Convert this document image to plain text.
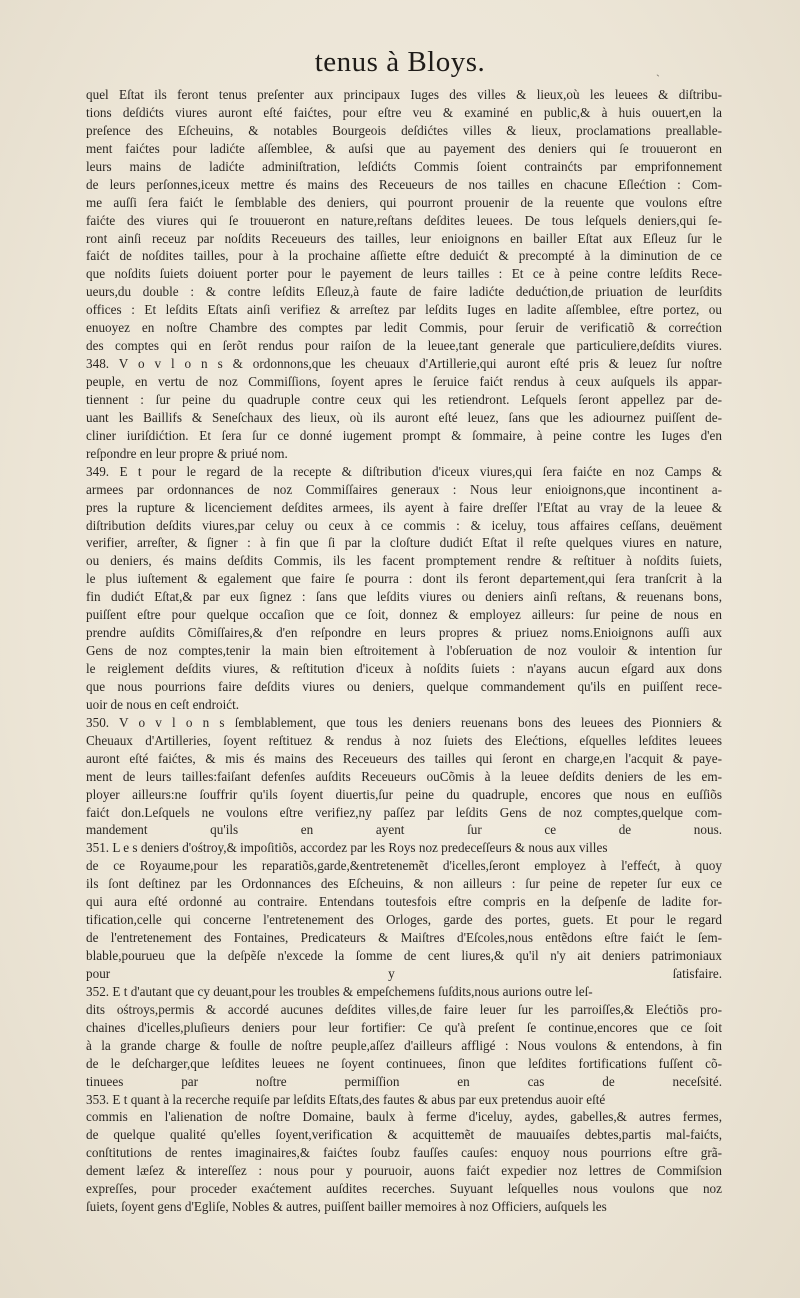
tenus à Bloys.
ˋ
quel Eſtat ils feront tenus preſenter aux principaux Iuges des villes & lieux,où les leuees & diſtribu-
tions deſdićts viures auront eſté faićtes, pour eſtre veu & examiné en public,& à huis ouuert,en la
preſence des Eſcheuins, & notables Bourgeois deſdićtes villes & lieux, proclamations preallable-
ment faićtes pour ladićte aſſemblee, & auſsi que au payement des deniers qui ſe trouueront en
leurs mains de ladićte adminiſtration, leſdićts Commis ſoient contrainćts par emprifonnement
de leurs perſonnes,iceux mettre és mains des Receueurs de nos tailles en chacune Eſlećtion : Com-
me auſſi ſera faićt le ſemblable des deniers, qui pourront prouenir de la reuente que voulons eſtre
faićte des viures qui ſe trouueront en nature,reſtans deſdites leuees. De tous leſquels deniers,qui ſe-
ront ainſi receuz par noſdits Receueurs des tailles, leur enioignons en bailler Eſtat aux Eſleuz ſur le
faićt de noſdites tailles, pour à la prochaine aſſiette eſtre deduićt & precompté à la diminution de ce
que noſdits ſuiets doiuent porter pour le payement de leurs tailles : Et ce à peine contre leſdits Rece-
ueurs,du double : & contre leſdits Eſleuz,à faute de faire ladićte dedućtion,de priuation de leurſdits
offices : Et leſdits Eſtats ainſi verifiez & arreſtez par leſdits Iuges en ladite aſſemblee, eſtre portez, ou
enuoyez en noſtre Chambre des comptes par ledit Commis, pour ſeruir de verificatiõ & correćtion
des comptes qui en ſerõt rendus pour raiſon de la leuee,tant generale que particuliere,deſdits viures.
348. V o v l o n s & ordonnons,que les cheuaux d'Artillerie,qui auront eſté pris & leuez ſur noſtre
peuple, en vertu de noz Commiſſions, ſoyent apres le ſeruice faićt rendus à ceux auſquels ils appar-
tiennent : ſur peine du quadruple contre ceux qui les retiendront. Leſquels ſeront appellez par de-
uant les Baillifs & Seneſchaux des lieux, où ils auront eſté leuez, ſans que les adiournez puiſſent de-
cliner iuriſdićtion. Et ſera ſur ce donné iugement prompt & ſommaire, à peine contre les Iuges d'en
reſpondre en leur propre & priué nom.
349. E t pour le regard de la recepte & diſtribution d'iceux viures,qui ſera faićte en noz Camps &
armees par ordonnances de noz Commiſſaires generaux : Nous leur enioignons,que incontinent a-
pres la rupture & licenciement deſdites armees, ils ayent à faire dreſſer l'Eſtat au vray de la leuee &
diſtribution deſdits viures,par celuy ou ceux à ce commis : & iceluy, tous affaires ceſſans, deuëment
verifier, arreſter, & ſigner : à fin que ſi par la cloſture dudićt Eſtat il reſte quelques viures en nature,
ou deniers, és mains deſdits Commis, ils les facent promptement rendre & reſtituer à noſdits ſuiets,
le plus iuſtement & egalement que faire ſe pourra : dont ils feront departement,qui ſera tranſcrit à la
fin dudićt Eſtat,& par eux ſignez : ſans que leſdits viures ou deniers ainſi reſtans, & reuenans bons,
puiſſent eſtre pour quelque occaſion que ce ſoit, donnez & employez ailleurs: ſur peine de nous en
prendre auſdits Cõmiſſaires,& d'en reſpondre en leurs propres & priuez noms.Enioignons auſſi aux
Gens de noz comptes,tenir la main bien eſtroitement à l'obſeruation de noz vouloir & intention ſur
le reiglement deſdits viures, & reſtitution d'iceux à noſdits ſuiets : n'ayans aucun eſgard aux dons
que nous pourrions faire deſdits viures ou deniers, quelque commandement qu'ils en puiſſent rece-
uoir de nous en ceſt endroićt.
350. V o v l o n s ſemblablement, que tous les deniers reuenans bons des leuees des Pionniers &
Cheuaux d'Artilleries, ſoyent reſtituez & rendus à noz ſuiets des Elećtions, eſquelles leſdites leuees
auront eſté faićtes, & mis és mains des Receueurs des tailles qui ſeront en charge,en l'acquit & paye-
ment de leurs tailles:faiſant defenſes auſdits Receueurs ouCõmis à la leuee deſdits deniers de les em-
ployer ailleurs:ne ſouffrir qu'ils ſoyent diuertis,ſur peine du quadruple, encores que nous en euſſiõs
faićt don.Leſquels ne voulons eſtre verifiez,ny paſſez par leſdits Gens de noz comptes,quelque com-
mandement qu'ils en ayent ſur ce de nous.
351. L e s deniers d'ośtroy,& impoſitiõs, accordez par les Roys noz predeceſſeurs & nous aux villes
de ce Royaume,pour les reparatiõs,garde,&entretenemẽt d'icelles,ſeront employez à l'effećt, à quoy
ils ſont deſtinez par les Ordonnances des Eſcheuins, & non ailleurs : ſur peine de repeter ſur eux ce
qui aura eſté ordonné au contraire. Entendans toutesfois eſtre compris en la deſpenſe de ladite for-
tification,celle qui concerne l'entretenement des Orloges, garde des portes, guets. Et pour le regard
de l'entretenement des Fontaines, Predicateurs & Maiſtres d'Eſcoles,nous entẽdons eſtre faićt le ſem-
blable,pourueu que la deſpẽſe n'excede la ſomme de cent liures,& qu'il n'y ait deniers patrimoniaux
pour y ſatisfaire.
352. E t d'autant que cy deuant,pour les troubles & empeſchemens ſuſdits,nous aurions outre leſ-
dits ośtroys,permis & accordé aucunes deſdites villes,de faire leuer ſur les parroiſſes,& Elećtiõs pro-
chaines d'icelles,pluſieurs deniers pour leur fortifier: Ce qu'à preſent ſe continue,encores que ce ſoit
à la grande charge & foulle de noſtre peuple,aſſez d'ailleurs affligé : Nous voulons & entendons, à fin
de le deſcharger,que leſdites leuees ne ſoyent continuees, ſinon que leſdites fortifications fuſſent cõ-
tinuees par noſtre permiſſion en cas de neceſsité.
353. E t quant à la recerche requiſe par leſdits Eſtats,des fautes & abus par eux pretendus auoir eſté
commis en l'alienation de noſtre Domaine, baulx à ferme d'iceluy, aydes, gabelles,& autres fermes,
de quelque qualité qu'elles ſoyent,verification & acquittemẽt de mauuaiſes debtes,partis mal-faićts,
conſtitutions de rentes imaginaires,& faićtes ſoubz fauſſes cauſes: enquoy nous pourrions eſtre grã-
dement læſez & intereſſez : nous pour y pouruoir, auons faićt expedier noz lettres de Commiſsion
expreſſes, pour proceder exaćtement auſdites recerches. Suyuant leſquelles nous voulons que noz
ſuiets, ſoyent gens d'Egliſe, Nobles & autres, puiſſent bailler memoires à noz Officiers, auſquels les
